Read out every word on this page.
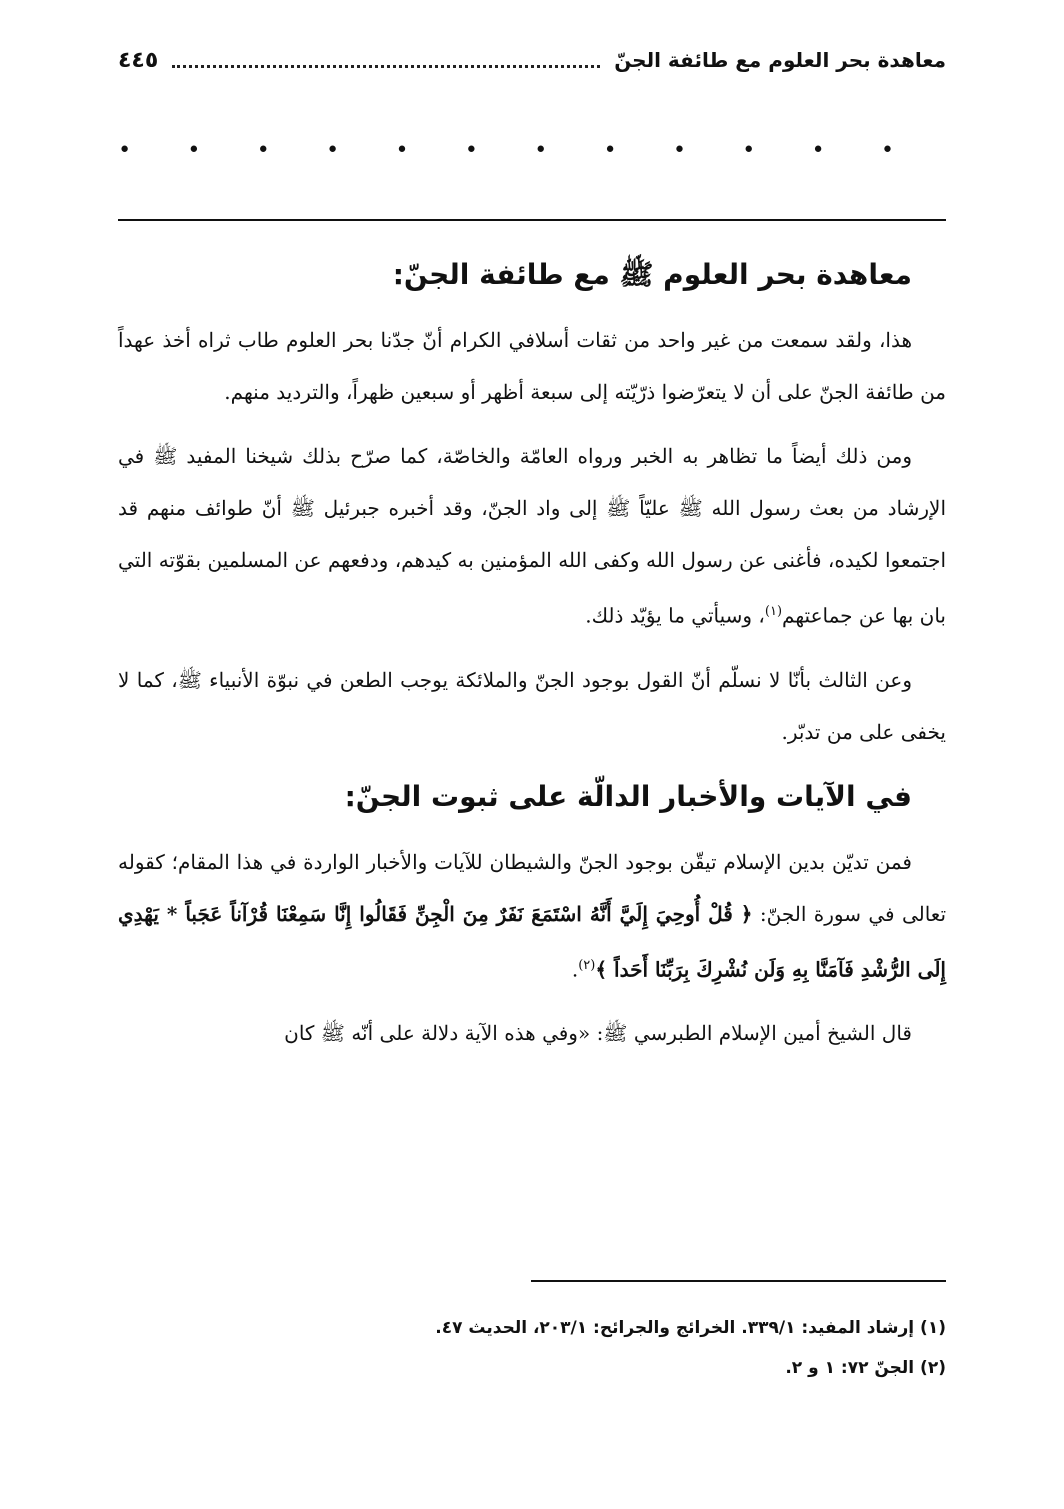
معاهدة بحر العلوم مع طائفة الجنّ
٤٤٥
•
•
•
•
•
•
•
•
•
•
•
•
معاهدة بحر العلوم ﷺ مع طائفة الجنّ:

هذا، ولقد سمعت من غير واحد من ثقات أسلافي الكرام أنّ جدّنا بحر العلوم طاب ثراه أخذ عهداً من طائفة الجنّ على أن لا يتعرّضوا ذرّيّته إلى سبعة أظهر أو سبعين ظهراً، والترديد منهم.

ومن ذلك أيضاً ما تظاهر به الخبر ورواه العامّة والخاصّة، كما صرّح بذلك شيخنا المفيد ﷺ في الإرشاد من بعث رسول الله ﷺ عليّاً ﷺ إلى واد الجنّ، وقد أخبره جبرئيل ﷺ أنّ طوائف منهم قد اجتمعوا لكيده، فأغنى عن رسول الله وكفى الله المؤمنين به كيدهم، ودفعهم عن المسلمين بقوّته التي بان بها عن جماعتهم$^{(١)}$، وسيأتي ما يؤيّد ذلك.

وعن الثالث بأنّا لا نسلّم أنّ القول بوجود الجنّ والملائكة يوجب الطعن في نبوّة الأنبياء ﷺ، كما لا يخفى على من تدبّر.

في الآيات والأخبار الدالّة على ثبوت الجنّ:

فمن تديّن بدين الإسلام تيقّن بوجود الجنّ والشيطان للآيات والأخبار الواردة في هذا المقام؛ كقوله تعالى في سورة الجنّ: ﴿ قُلْ أُوحِيَ إِلَيَّ أَنَّهُ اسْتَمَعَ نَفَرٌ مِنَ الْجِنِّ فَقَالُوا إِنَّا سَمِعْنَا قُرْآناً عَجَباً * يَهْدِي إِلَى الرُّشْدِ فَآمَنَّا بِهِ وَلَن نُشْرِكَ بِرَبِّنَا أَحَداً ﴾$^{(٢)}$.

قال الشيخ أمين الإسلام الطبرسي ﷺ: «وفي هذه الآية دلالة على أنّه ﷺ كان

(١) إرشاد المفيد: ٣٣٩/١. الخرائج والجرائح: ٢٠٣/١، الحديث ٤٧.

(٢) الجنّ ٧٢: ١ و ٢.
